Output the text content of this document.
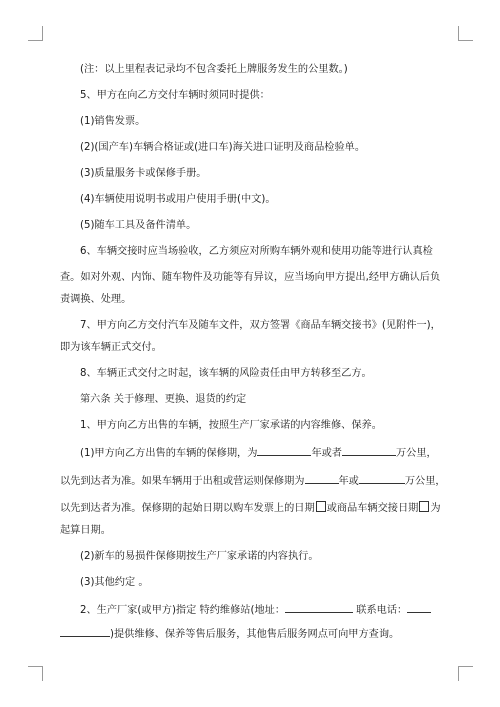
(注：以上里程表记录均不包含委托上牌服务发生的公里数。)

5、甲方在向乙方交付车辆时须同时提供：

(1)销售发票。

(2)(国产车)车辆合格证或(进口车)海关进口证明及商品检验单。

(3)质量服务卡或保修手册。

(4)车辆使用说明书或用户使用手册(中文)。

(5)随车工具及备件清单。

6、车辆交接时应当场验收，乙方须应对所购车辆外观和使用功能等进行认真检

查。如对外观、内饰、随车物件及功能等有异议，应当场向甲方提出,经甲方确认后负

责调换、处理。

7、甲方向乙方交付汽车及随车文件，双方签署《商品车辆交接书》(见附件一)，

即为该车辆正式交付。

8、车辆正式交付之时起，该车辆的风险责任由甲方转移至乙方。

第六条 关于修理、更换、退货的约定

1、甲方向乙方出售的车辆，按照生产厂家承诺的内容维修、保养。

(1)甲方向乙方出售的车辆的保修期，为	年或者	万公里，

以先到达者为准。如果车辆用于出租或营运则保修期为	年或	万公里，

以先到达者为准。保修期的起始日期以购车发票上的日期 或商品车辆交接日期 为

起算日期。

(2)新车的易损件保修期按生产厂家承诺的内容执行。

(3)其他约定 。

2、生产厂家(或甲方)指定 特约维修站(地址：	联系电话：

)提供维修、保养等售后服务，其他售后服务网点可向甲方查询。
